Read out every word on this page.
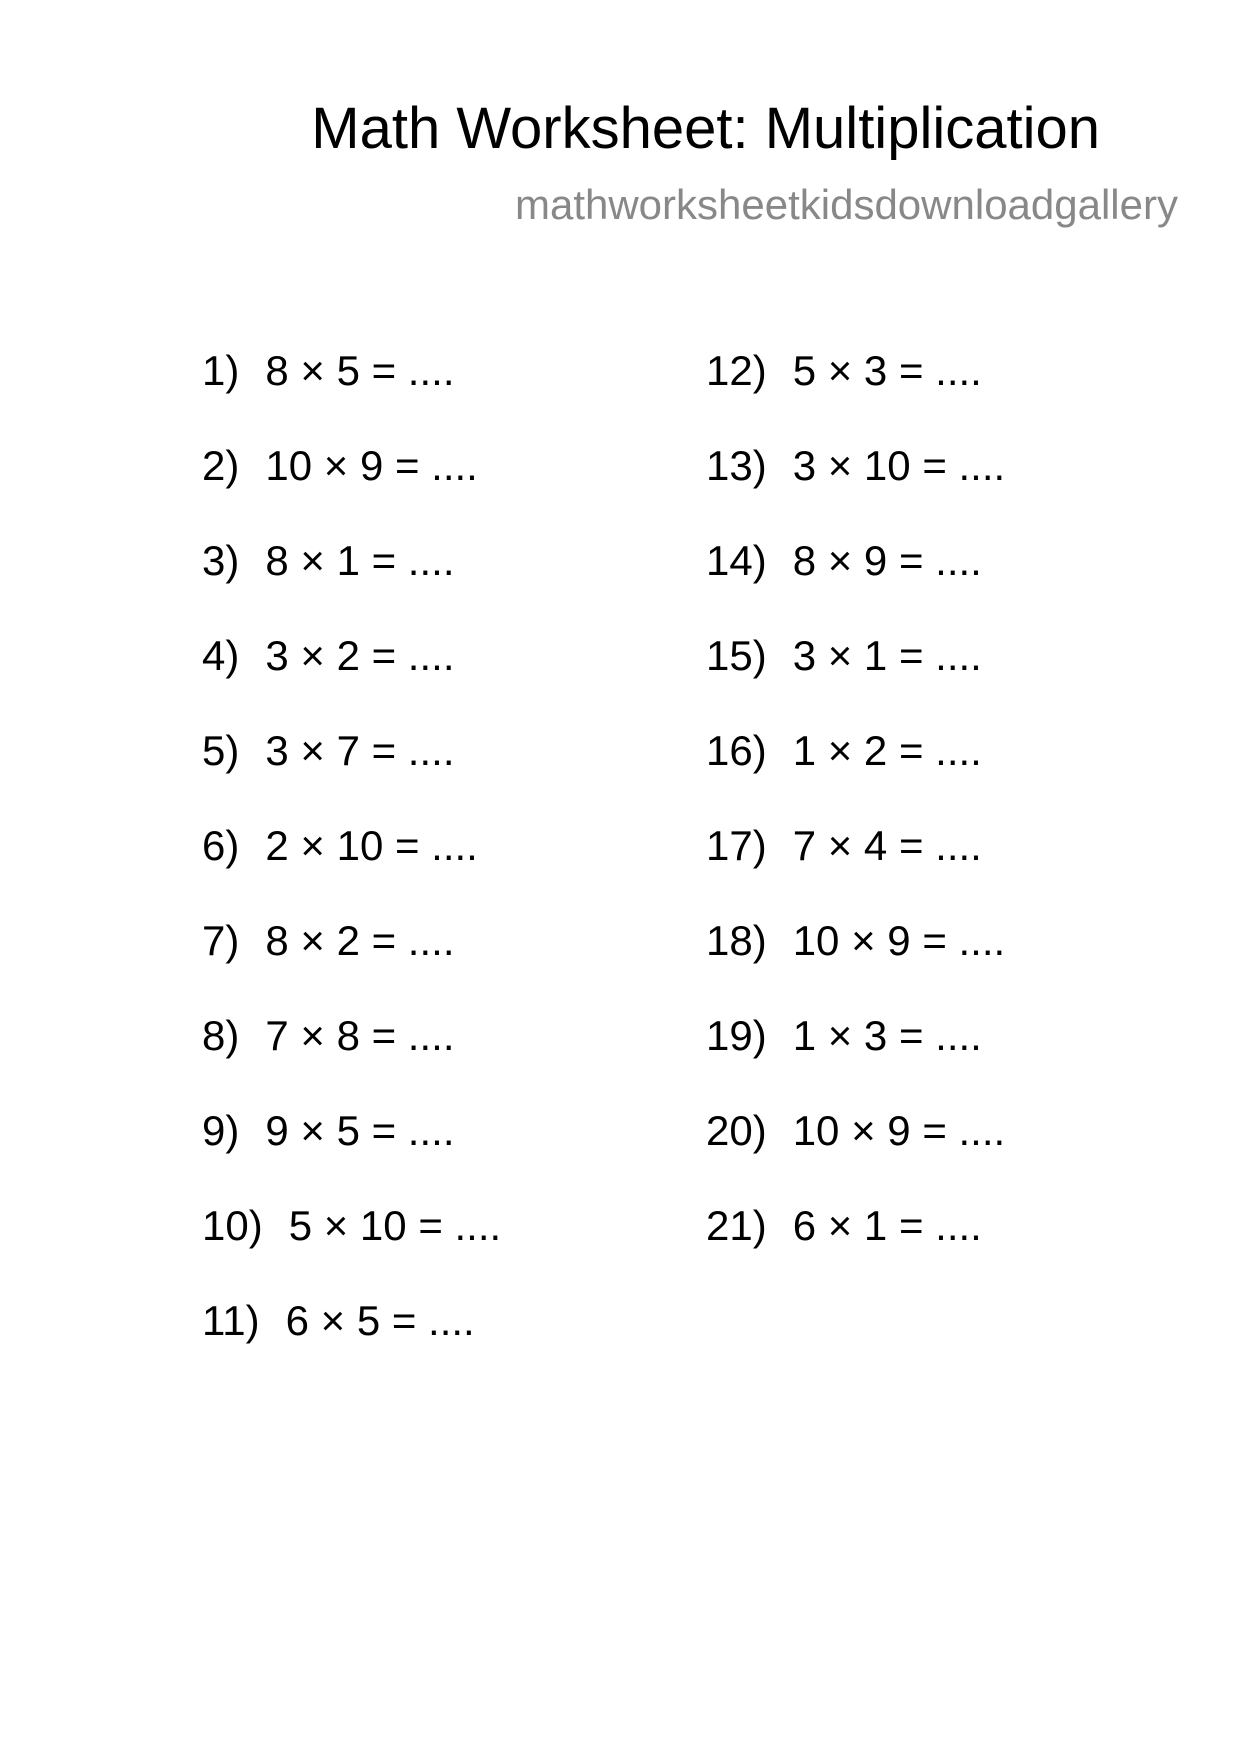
Math Worksheet: Multiplication
mathworksheetkidsdownloadgallery
1) 8 × 5 = ....
2) 10 × 9 = ....
3) 8 × 1 = ....
4) 3 × 2 = ....
5) 3 × 7 = ....
6) 2 × 10 = ....
7) 8 × 2 = ....
8) 7 × 8 = ....
9) 9 × 5 = ....
10) 5 × 10 = ....
11) 6 × 5 = ....
12) 5 × 3 = ....
13) 3 × 10 = ....
14) 8 × 9 = ....
15) 3 × 1 = ....
16) 1 × 2 = ....
17) 7 × 4 = ....
18) 10 × 9 = ....
19) 1 × 3 = ....
20) 10 × 9 = ....
21) 6 × 1 = ....
